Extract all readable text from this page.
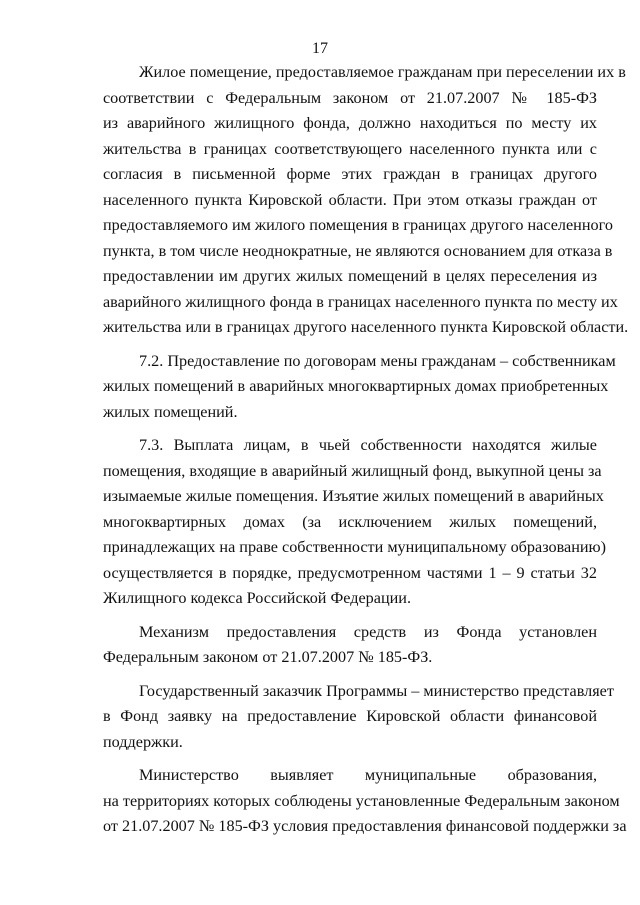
17

Жилое помещение, предоставляемое гражданам при переселении их в
соответствии с Федеральным законом от 21.07.2007 № 185-ФЗ
из аварийного жилищного фонда, должно находиться по месту их
жительства в границах соответствующего населенного пункта или с
согласия в письменной форме этих граждан в границах другого
населенного пункта Кировской области. При этом отказы граждан от
предоставляемого им жилого помещения в границах другого населенного
пункта, в том числе неоднократные, не являются основанием для отказа в
предоставлении им других жилых помещений в целях переселения из
аварийного жилищного фонда в границах населенного пункта по месту их
жительства или в границах другого населенного пункта Кировской области.

7.2. Предоставление по договорам мены гражданам – собственникам
жилых помещений в аварийных многоквартирных домах приобретенных
жилых помещений.

7.3. Выплата лицам, в чьей собственности находятся жилые
помещения, входящие в аварийный жилищный фонд, выкупной цены за
изымаемые жилые помещения. Изъятие жилых помещений в аварийных
многоквартирных домах (за исключением жилых помещений,
принадлежащих на праве собственности муниципальному образованию)
осуществляется в порядке, предусмотренном частями 1 – 9 статьи 32
Жилищного кодекса Российской Федерации.

Механизм предоставления средств из Фонда установлен
Федеральным законом от 21.07.2007 № 185-ФЗ.

Государственный заказчик Программы – министерство представляет
в Фонд заявку на предоставление Кировской области финансовой
поддержки.

Министерство выявляет муниципальные образования,
на территориях которых соблюдены установленные Федеральным законом
от 21.07.2007 № 185-ФЗ условия предоставления финансовой поддержки за
